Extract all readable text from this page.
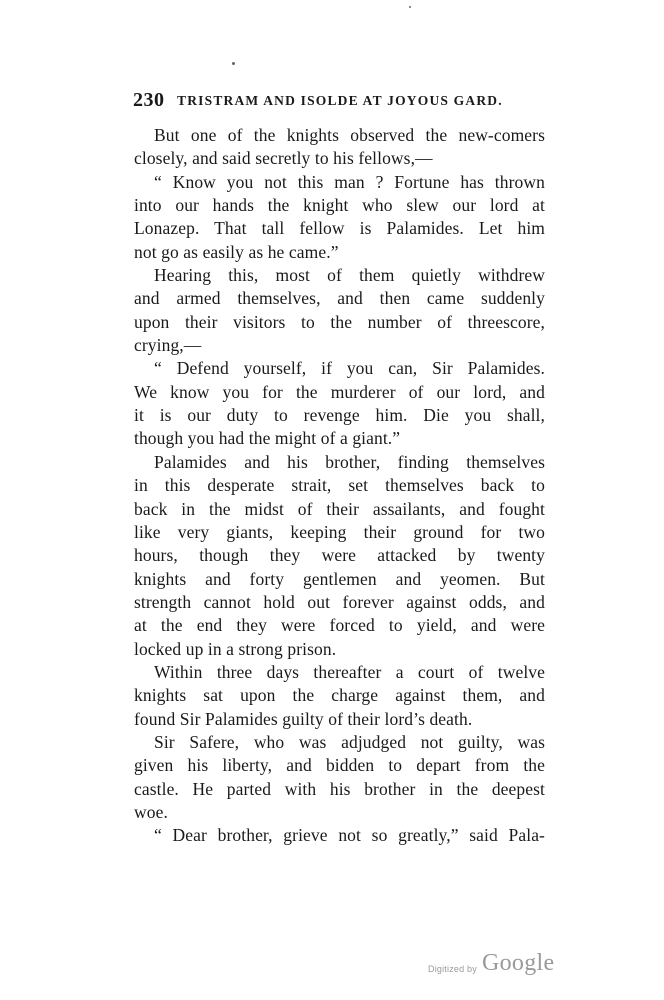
230 TRISTRAM AND ISOLDE AT JOYOUS GARD.
But one of the knights observed the new-comers
closely, and said secretly to his fellows,—
“ Know you not this man ? Fortune has thrown
into our hands the knight who slew our lord at
Lonazep. That tall fellow is Palamides. Let him
not go as easily as he came.”
Hearing this, most of them quietly withdrew
and armed themselves, and then came suddenly
upon their visitors to the number of threescore,
crying,—
“ Defend yourself, if you can, Sir Palamides.
We know you for the murderer of our lord, and
it is our duty to revenge him. Die you shall,
though you had the might of a giant.”
Palamides and his brother, finding themselves
in this desperate strait, set themselves back to
back in the midst of their assailants, and fought
like very giants, keeping their ground for two
hours, though they were attacked by twenty
knights and forty gentlemen and yeomen. But
strength cannot hold out forever against odds, and
at the end they were forced to yield, and were
locked up in a strong prison.
Within three days thereafter a court of twelve
knights sat upon the charge against them, and
found Sir Palamides guilty of their lord’s death.
Sir Safere, who was adjudged not guilty, was
given his liberty, and bidden to depart from the
castle. He parted with his brother in the deepest
woe.
“ Dear brother, grieve not so greatly,” said Pala-
Digitized by Google
